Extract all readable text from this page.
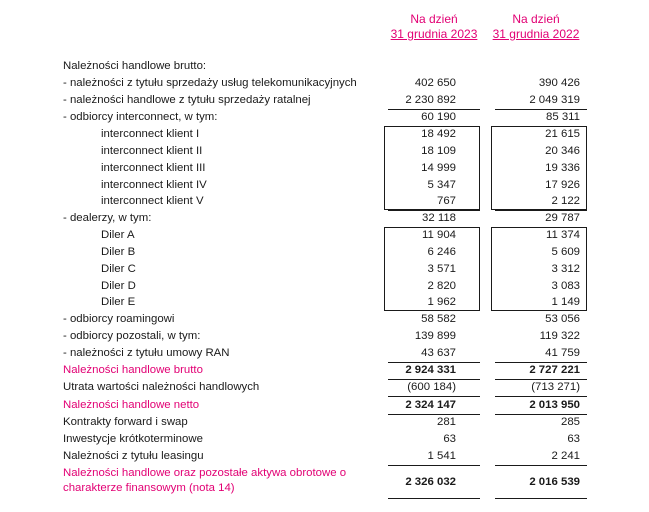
Na dzień
31 grudnia 2023
Na dzień
31 grudnia 2022
Należności handlowe brutto:
- należności z tytułu sprzedaży usług telekomunikacyjnych	402 650	390 426
- należności handlowe z tytułu sprzedaży ratalnej	2 230 892	2 049 319
- odbiorcy interconnect, w tym:	60 190	85 311
interconnect klient I	18 492	21 615
interconnect klient II	18 109	20 346
interconnect klient III	14 999	19 336
interconnect klient IV	5 347	17 926
interconnect klient V	767	2 122
- dealerzy, w tym:	32 118	29 787
Diler A	11 904	11 374
Diler B	6 246	5 609
Diler C	3 571	3 312
Diler D	2 820	3 083
Diler E	1 962	1 149
- odbiorcy roamingowi	58 582	53 056
- odbiorcy pozostali, w tym:	139 899	119 322
- należności z tytułu umowy RAN	43 637	41 759
Należności handlowe brutto	2 924 331	2 727 221
Utrata wartości należności handlowych	(600 184)	(713 271)
Należności handlowe netto	2 324 147	2 013 950
Kontrakty forward i swap	281	285
Inwestycje krótkoterminowe	63	63
Należności z tytułu leasingu	1 541	2 241
Należności handlowe oraz pozostałe aktywa obrotowe o charakterze finansowym (nota 14)	2 326 032	2 016 539
